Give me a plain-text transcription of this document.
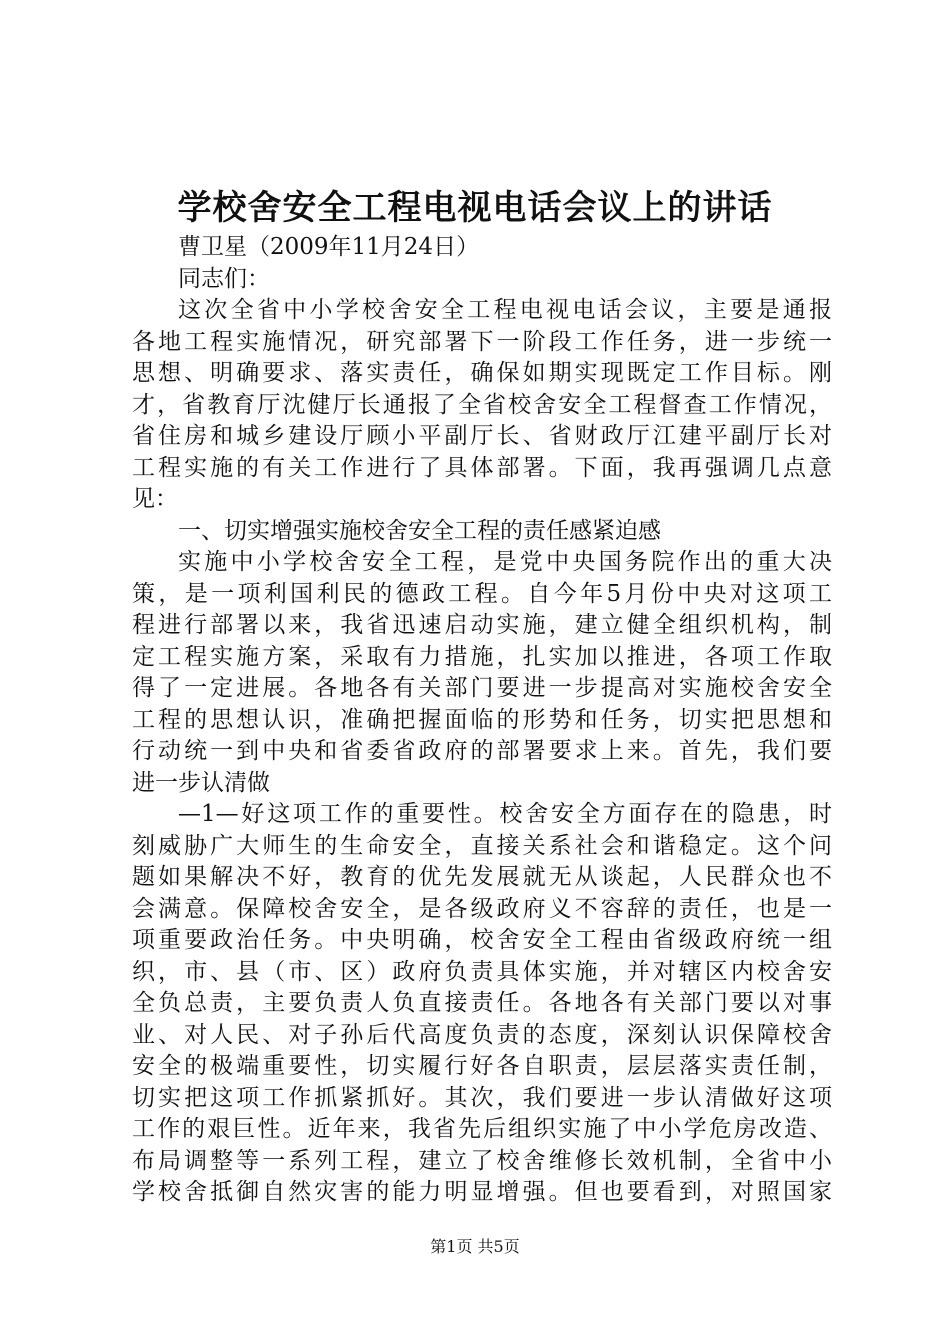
学校舍安全工程电视电话会议上的讲话
曹卫星（2009年11月24日）
同志们：
这次全省中小学校舍安全工程电视电话会议，主要是通报
各地工程实施情况，研究部署下一阶段工作任务，进一步统一
思想、明确要求、落实责任，确保如期实现既定工作目标。刚
才，省教育厅沈健厅长通报了全省校舍安全工程督查工作情况，
省住房和城乡建设厅顾小平副厅长、省财政厅江建平副厅长对
工程实施的有关工作进行了具体部署。下面，我再强调几点意
见：
一、切实增强实施校舍安全工程的责任感紧迫感
实施中小学校舍安全工程，是党中央国务院作出的重大决
策，是一项利国利民的德政工程。自今年5月份中央对这项工
程进行部署以来，我省迅速启动实施，建立健全组织机构，制
定工程实施方案，采取有力措施，扎实加以推进，各项工作取
得了一定进展。各地各有关部门要进一步提高对实施校舍安全
工程的思想认识，准确把握面临的形势和任务，切实把思想和
行动统一到中央和省委省政府的部署要求上来。首先，我们要
进一步认清做
—1—好这项工作的重要性。校舍安全方面存在的隐患，时
刻威胁广大师生的生命安全，直接关系社会和谐稳定。这个问
题如果解决不好，教育的优先发展就无从谈起，人民群众也不
会满意。保障校舍安全，是各级政府义不容辞的责任，也是一
项重要政治任务。中央明确，校舍安全工程由省级政府统一组
织，市、县（市、区）政府负责具体实施，并对辖区内校舍安
全负总责，主要负责人负直接责任。各地各有关部门要以对事
业、对人民、对子孙后代高度负责的态度，深刻认识保障校舍
安全的极端重要性，切实履行好各自职责，层层落实责任制，
切实把这项工作抓紧抓好。其次，我们要进一步认清做好这项
工作的艰巨性。近年来，我省先后组织实施了中小学危房改造、
布局调整等一系列工程，建立了校舍维修长效机制，全省中小
学校舍抵御自然灾害的能力明显增强。但也要看到，对照国家
第1页 共5页
